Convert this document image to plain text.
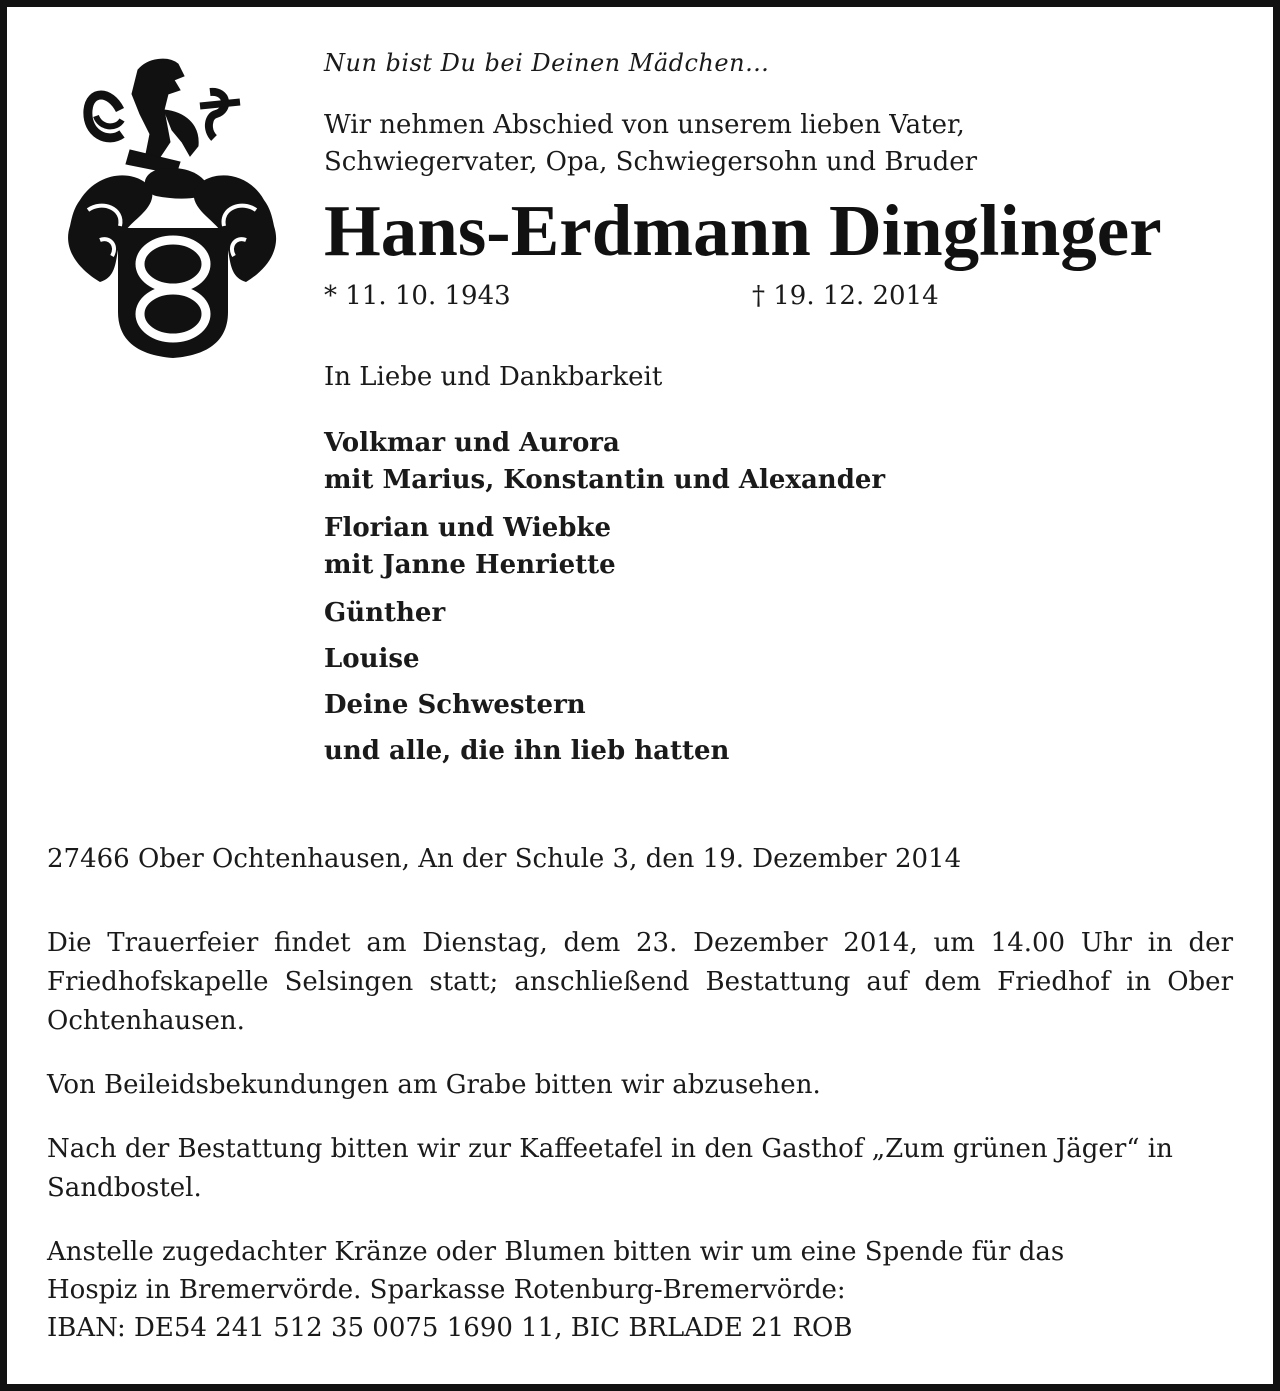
Nun bist Du bei Deinen Mädchen…

Wir nehmen Abschied von unserem lieben Vater,
Schwiegervater, Opa, Schwiegersohn und Bruder
Hans-Erdmann Dinglinger
* 11. 10. 1943	† 19. 12. 2014
In Liebe und Dankbarkeit
Volkmar und Aurora
mit Marius, Konstantin und Alexander
Florian und Wiebke
mit Janne Henriette
Günther
Louise
Deine Schwestern
und alle, die ihn lieb hatten

27466 Ober Ochtenhausen, An der Schule 3, den 19. Dezember 2014

Die Trauerfeier findet am Dienstag, dem 23. Dezember 2014, um 14.00 Uhr in der Friedhofskapelle Selsingen statt; anschließend Bestattung auf dem Friedhof in Ober Ochtenhausen.

Von Beileidsbekundungen am Grabe bitten wir abzusehen.

Nach der Bestattung bitten wir zur Kaffeetafel in den Gasthof „Zum grünen Jäger“ in Sandbostel.

Anstelle zugedachter Kränze oder Blumen bitten wir um eine Spende für das

Hospiz in Bremervörde. Sparkasse Rotenburg-Bremervörde:

IBAN: DE54 241 512 35 0075 1690 11, BIC BRLADE 21 ROB
